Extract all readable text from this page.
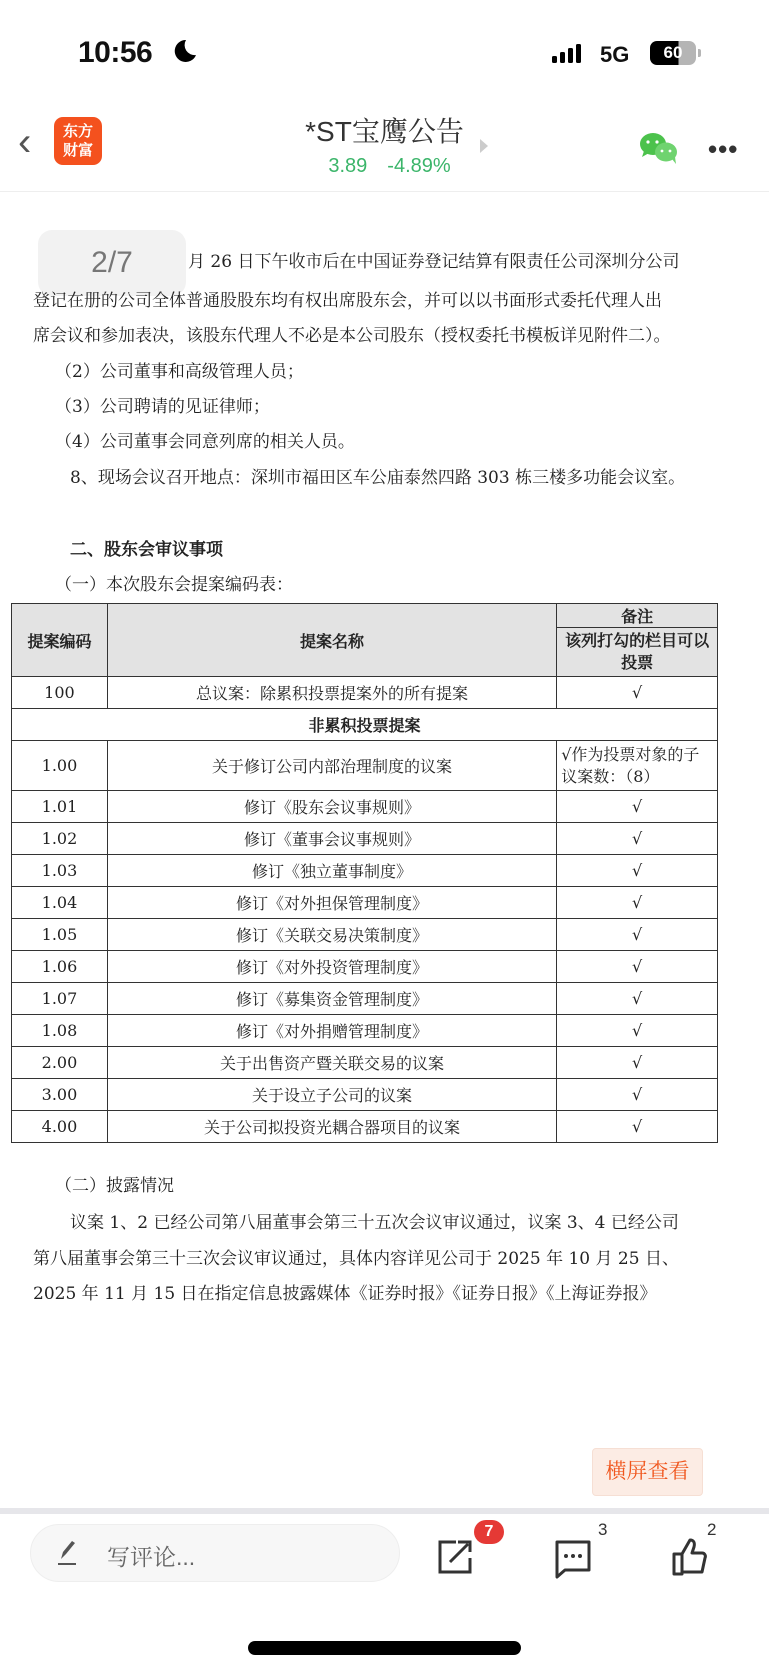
10:56	5G	60
‹	东方
财富
*ST宝鹰公告
3.89 -4.89%
•••
月 26 日下午收市后在中国证券登记结算有限责任公司深圳分公司
2/7
登记在册的公司全体普通股股东均有权出席股东会，并可以以书面形式委托代理人出
席会议和参加表决，该股东代理人不必是本公司股东（授权委托书模板详见附件二）。
（2）公司董事和高级管理人员；
（3）公司聘请的见证律师；
（4）公司董事会同意列席的相关人员。
8、现场会议召开地点：深圳市福田区车公庙泰然四路 303 栋三楼多功能会议室。
二、股东会审议事项
（一）本次股东会提案编码表：
提案编码	提案名称	备注
		该列打勾的栏目可以投票
100	总议案：除累积投票提案外的所有提案	√
非累积投票提案		
1.00	关于修订公司内部治理制度的议案	√作为投票对象的子议案数：（8）
1.01	修订《股东会议事规则》	√
1.02	修订《董事会议事规则》	√
1.03	修订《独立董事制度》	√
1.04	修订《对外担保管理制度》	√
1.05	修订《关联交易决策制度》	√
1.06	修订《对外投资管理制度》	√
1.07	修订《募集资金管理制度》	√
1.08	修订《对外捐赠管理制度》	√
2.00	关于出售资产暨关联交易的议案	√
3.00	关于设立子公司的议案	√
4.00	关于公司拟投资光耦合器项目的议案	√
（二）披露情况
议案 1、2 已经公司第八届董事会第三十五次会议审议通过，议案 3、4 已经公司
第八届董事会第三十三次会议审议通过，具体内容详见公司于 2025 年 10 月 25 日、
2025 年 11 月 15 日在指定信息披露媒体《证券时报》《证券日报》《上海证券报》
横屏查看
写评论...
7	3	2
